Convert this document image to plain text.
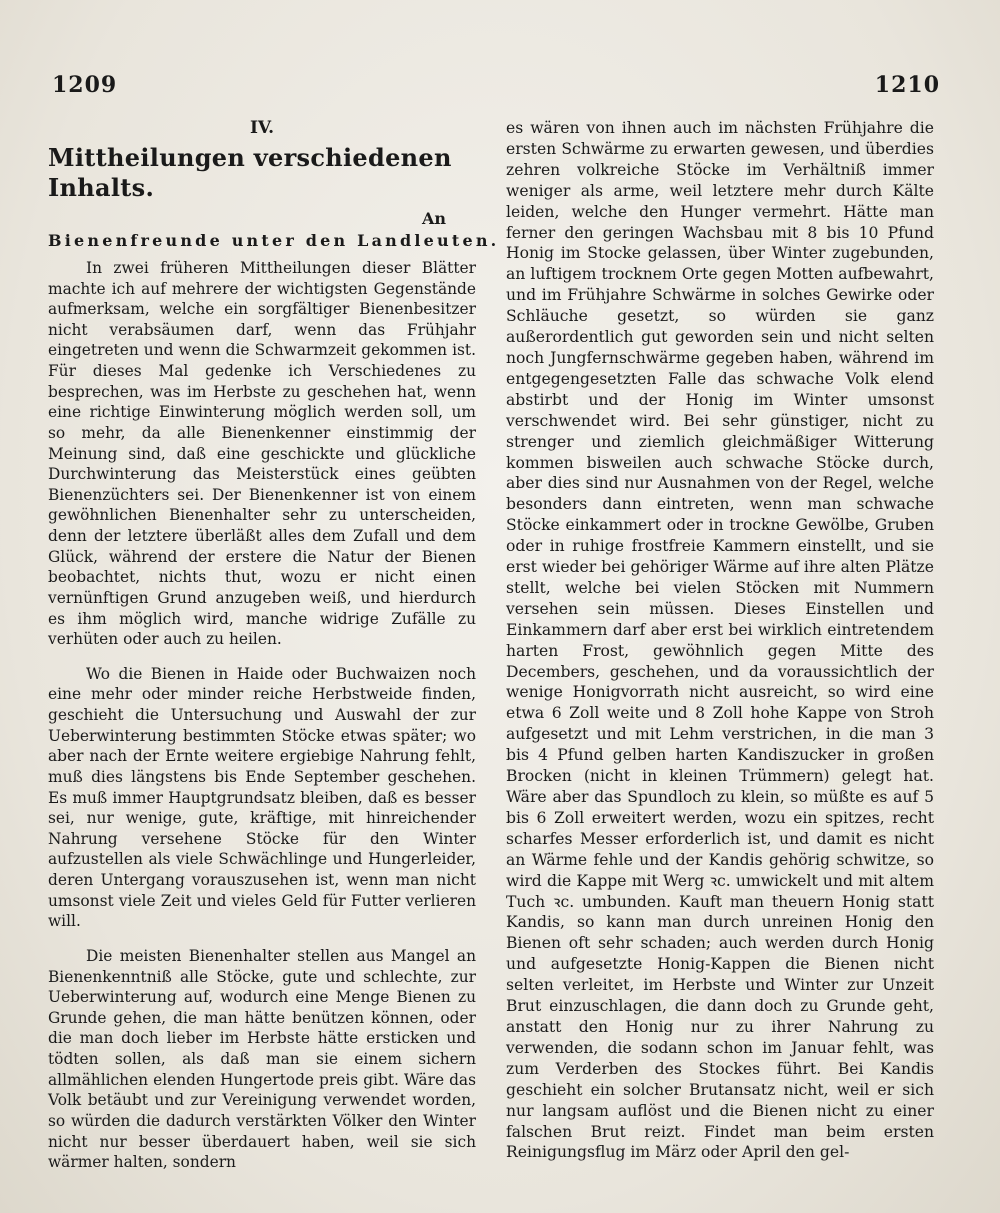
1209	1210
IV.
Mittheilungen verschiedenen Inhalts.
An
Bienenfreunde unter den Landleuten.

In zwei früheren Mittheilungen dieser Blätter machte ich auf mehrere der wichtigsten Gegenstände aufmerksam, welche ein sorgfältiger Bienenbesitzer nicht verabsäumen darf, wenn das Frühjahr eingetreten und wenn die Schwarmzeit gekommen ist. Für dieses Mal gedenke ich Verschiedenes zu besprechen, was im Herbste zu geschehen hat, wenn eine richtige Einwinterung möglich werden soll, um so mehr, da alle Bienenkenner einstimmig der Meinung sind, daß eine geschickte und glückliche Durchwinterung das Meisterstück eines geübten Bienenzüchters sei. Der Bienenkenner ist von einem gewöhnlichen Bienenhalter sehr zu unterscheiden, denn der letztere überläßt alles dem Zufall und dem Glück, während der erstere die Natur der Bienen beobachtet, nichts thut, wozu er nicht einen vernünftigen Grund anzugeben weiß, und hierdurch es ihm möglich wird, manche widrige Zufälle zu verhüten oder auch zu heilen.

Wo die Bienen in Haide oder Buchwaizen noch eine mehr oder minder reiche Herbstweide finden, geschieht die Untersuchung und Auswahl der zur Ueberwinterung bestimmten Stöcke etwas später; wo aber nach der Ernte weitere ergiebige Nahrung fehlt, muß dies längstens bis Ende September geschehen. Es muß immer Hauptgrundsatz bleiben, daß es besser sei, nur wenige, gute, kräftige, mit hinreichender Nahrung versehene Stöcke für den Winter aufzustellen als viele Schwächlinge und Hungerleider, deren Untergang vorauszusehen ist, wenn man nicht umsonst viele Zeit und vieles Geld für Futter verlieren will.

Die meisten Bienenhalter stellen aus Mangel an Bienenkenntniß alle Stöcke, gute und schlechte, zur Ueberwinterung auf, wodurch eine Menge Bienen zu Grunde gehen, die man hätte benützen können, oder die man doch lieber im Herbste hätte ersticken und tödten sollen, als daß man sie einem sichern allmählichen elenden Hungertode preis gibt. Wäre das Volk betäubt und zur Vereinigung verwendet worden, so würden die dadurch verstärkten Völker den Winter nicht nur besser überdauert haben, weil sie sich wärmer halten, sondern

es wären von ihnen auch im nächsten Frühjahre die ersten Schwärme zu erwarten gewesen, und überdies zehren volkreiche Stöcke im Verhältniß immer weniger als arme, weil letztere mehr durch Kälte leiden, welche den Hunger vermehrt. Hätte man ferner den geringen Wachsbau mit 8 bis 10 Pfund Honig im Stocke gelassen, über Winter zugebunden, an luftigem trocknem Orte gegen Motten aufbewahrt, und im Frühjahre Schwärme in solches Gewirke oder Schläuche gesetzt, so würden sie ganz außerordentlich gut geworden sein und nicht selten noch Jungfernschwärme gegeben haben, während im entgegengesetzten Falle das schwache Volk elend abstirbt und der Honig im Winter umsonst verschwendet wird. Bei sehr günstiger, nicht zu strenger und ziemlich gleichmäßiger Witterung kommen bisweilen auch schwache Stöcke durch, aber dies sind nur Ausnahmen von der Regel, welche besonders dann eintreten, wenn man schwache Stöcke einkammert oder in trockne Gewölbe, Gruben oder in ruhige frostfreie Kammern einstellt, und sie erst wieder bei gehöriger Wärme auf ihre alten Plätze stellt, welche bei vielen Stöcken mit Nummern versehen sein müssen. Dieses Einstellen und Einkammern darf aber erst bei wirklich eintretendem harten Frost, gewöhnlich gegen Mitte des Decembers, geschehen, und da voraussichtlich der wenige Honigvorrath nicht ausreicht, so wird eine etwa 6 Zoll weite und 8 Zoll hohe Kappe von Stroh aufgesetzt und mit Lehm verstrichen, in die man 3 bis 4 Pfund gelben harten Kandiszucker in großen Brocken (nicht in kleinen Trümmern) gelegt hat. Wäre aber das Spundloch zu klein, so müßte es auf 5 bis 6 Zoll erweitert werden, wozu ein spitzes, recht scharfes Messer erforderlich ist, und damit es nicht an Wärme fehle und der Kandis gehörig schwitze, so wird die Kappe mit Werg ꝛc. umwickelt und mit altem Tuch ꝛc. umbunden. Kauft man theuern Honig statt Kandis, so kann man durch unreinen Honig den Bienen oft sehr schaden; auch werden durch Honig und aufgesetzte Honig-Kappen die Bienen nicht selten verleitet, im Herbste und Winter zur Unzeit Brut einzuschlagen, die dann doch zu Grunde geht, anstatt den Honig nur zu ihrer Nahrung zu verwenden, die sodann schon im Januar fehlt, was zum Verderben des Stockes führt. Bei Kandis geschieht ein solcher Brutansatz nicht, weil er sich nur langsam auflöst und die Bienen nicht zu einer falschen Brut reizt. Findet man beim ersten Reinigungsflug im März oder April den gel-
